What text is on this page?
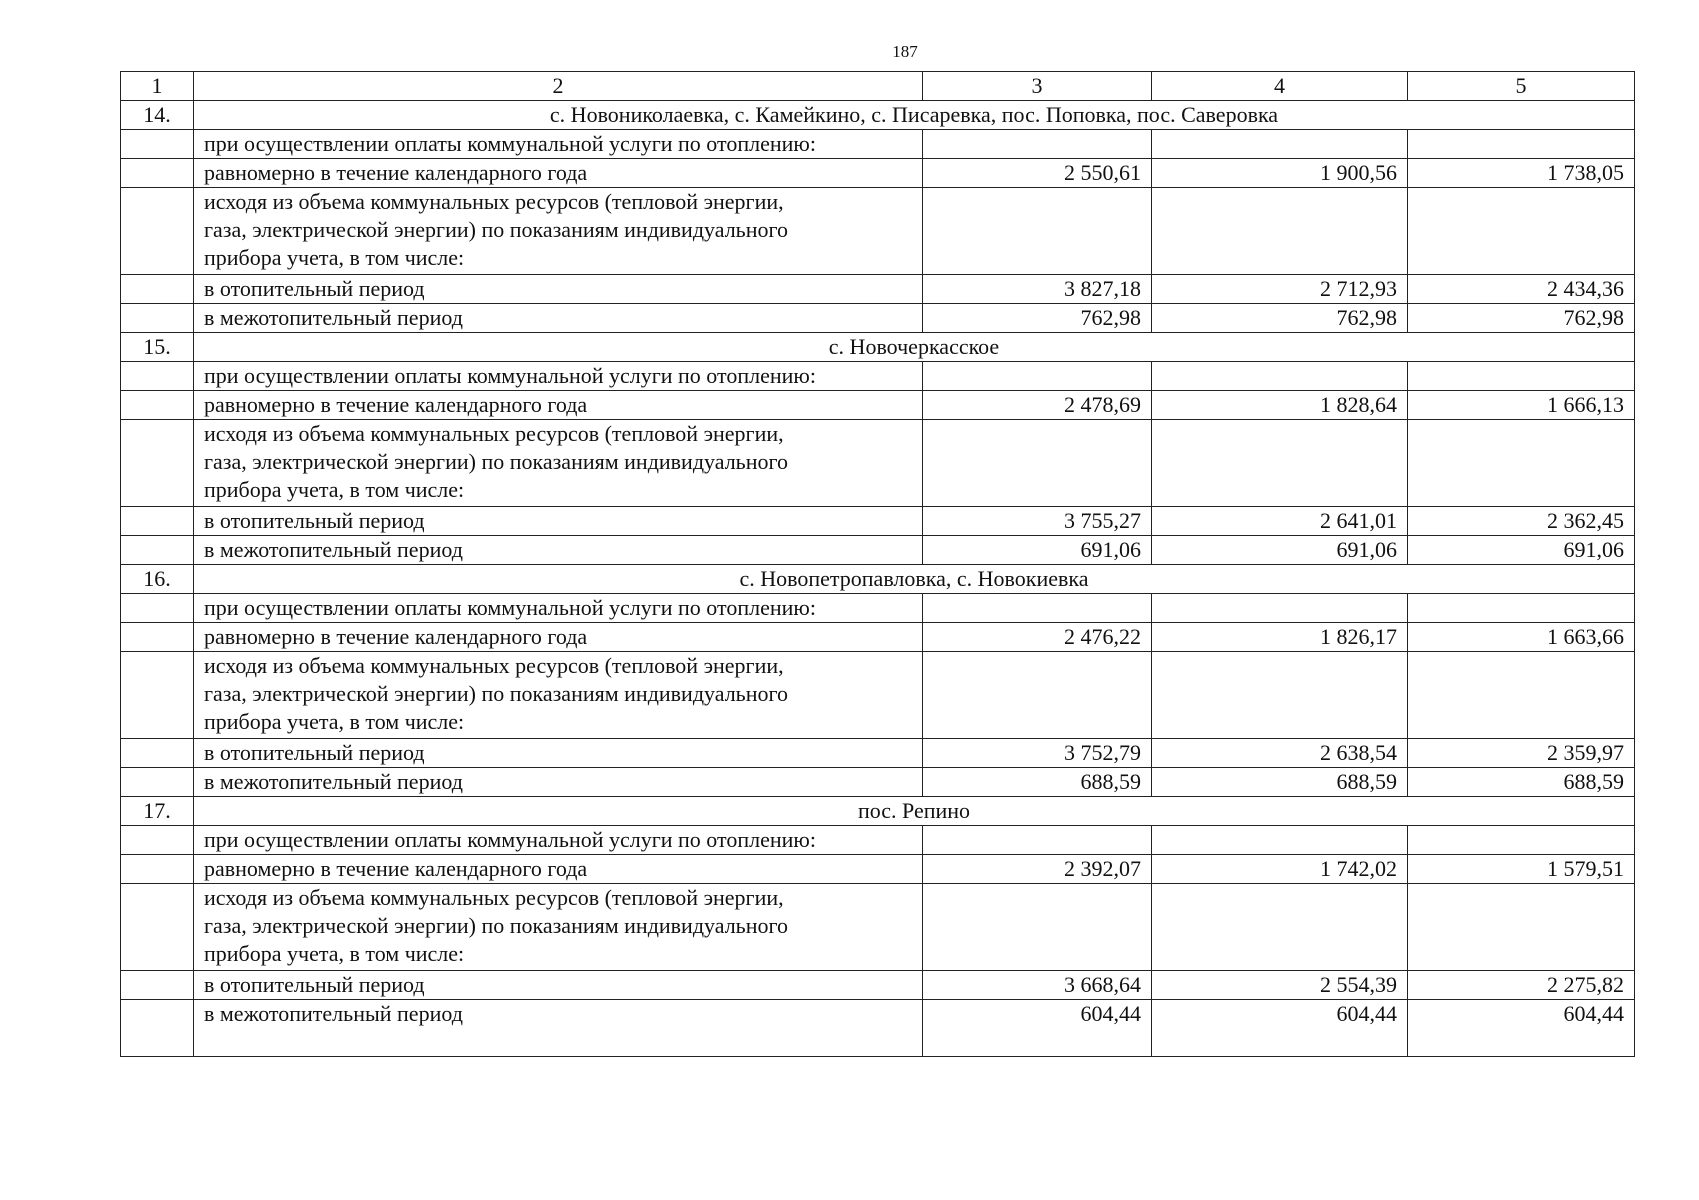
187
1	2	3	4	5
14.	с. Новониколаевка, с. Камейкино, с. Писаревка, пос. Поповка, пос. Саверовка			
	при осуществлении оплаты коммунальной услуги по отоплению:			
	равномерно в течение календарного года	2 550,61	1 900,56	1 738,05

	исходя из объема коммунальных ресурсов (тепловой энергии,
газа, электрической энергии) по показаниям индивидуального
прибора учета, в том числе:			

	в отопительный период	3 827,18	2 712,93	2 434,36
	в межотопительный период	762,98	762,98	762,98
15.	с. Новочеркасское			
	при осуществлении оплаты коммунальной услуги по отоплению:			
	равномерно в течение календарного года	2 478,69	1 828,64	1 666,13

	исходя из объема коммунальных ресурсов (тепловой энергии,
газа, электрической энергии) по показаниям индивидуального
прибора учета, в том числе:			

	в отопительный период	3 755,27	2 641,01	2 362,45
	в межотопительный период	691,06	691,06	691,06
16.	с. Новопетропавловка, с. Новокиевка			
	при осуществлении оплаты коммунальной услуги по отоплению:			
	равномерно в течение календарного года	2 476,22	1 826,17	1 663,66

	исходя из объема коммунальных ресурсов (тепловой энергии,
газа, электрической энергии) по показаниям индивидуального
прибора учета, в том числе:			

	в отопительный период	3 752,79	2 638,54	2 359,97
	в межотопительный период	688,59	688,59	688,59
17.	пос. Репино			
	при осуществлении оплаты коммунальной услуги по отоплению:			
	равномерно в течение календарного года	2 392,07	1 742,02	1 579,51

	исходя из объема коммунальных ресурсов (тепловой энергии,
газа, электрической энергии) по показаниям индивидуального
прибора учета, в том числе:			

	в отопительный период	3 668,64	2 554,39	2 275,82
	в межотопительный период	604,44	604,44	604,44
